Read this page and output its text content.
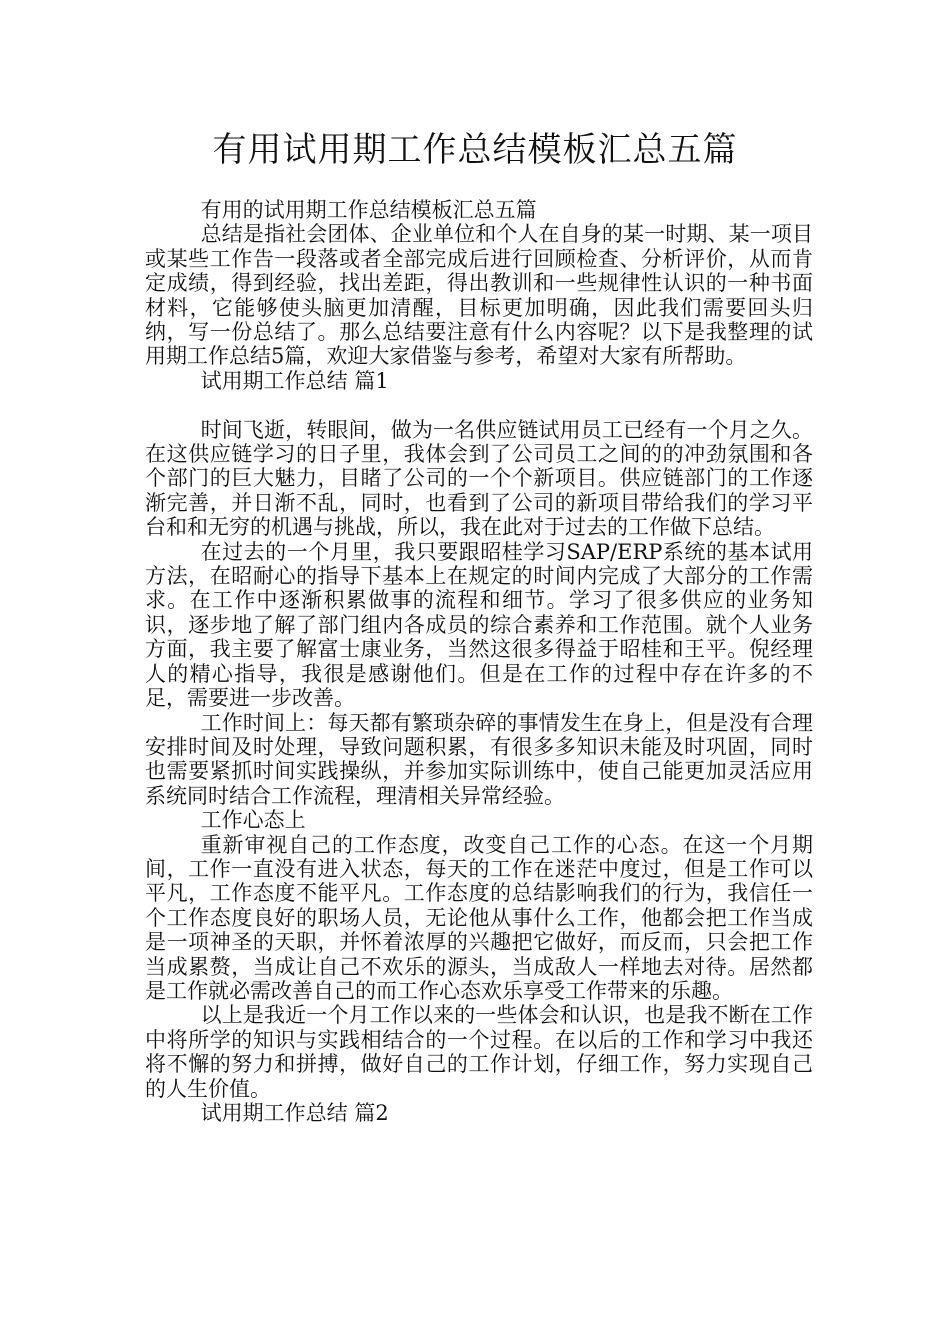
有用试用期工作总结模板汇总五篇

有用的试用期工作总结模板汇总五篇

总结是指社会团体、企业单位和个人在自身的某一时期、某一项目或某些工作告一段落或者全部完成后进行回顾检查、分析评价，从而肯定成绩，得到经验，找出差距，得出教训和一些规律性认识的一种书面材料，它能够使头脑更加清醒，目标更加明确，因此我们需要回头归纳，写一份总结了。那么总结要注意有什么内容呢？以下是我整理的试用期工作总结5篇，欢迎大家借鉴与参考，希望对大家有所帮助。

试用期工作总结 篇1

时间飞逝，转眼间，做为一名供应链试用员工已经有一个月之久。在这供应链学习的日子里，我体会到了公司员工之间的的冲劲氛围和各个部门的巨大魅力，目睹了公司的一个个新项目。供应链部门的工作逐渐完善，并日渐不乱，同时，也看到了公司的新项目带给我们的学习平台和和无穷的机遇与挑战，所以，我在此对于过去的工作做下总结。

在过去的一个月里，我只要跟昭桂学习SAP/ERP系统的基本试用方法，在昭耐心的指导下基本上在规定的时间内完成了大部分的工作需求。在工作中逐渐积累做事的流程和细节。学习了很多供应的业务知识，逐步地了解了部门组内各成员的综合素养和工作范围。就个人业务方面，我主要了解富士康业务，当然这很多得益于昭桂和王平。倪经理人的精心指导，我很是感谢他们。但是在工作的过程中存在许多的不足，需要进一步改善。

工作时间上：每天都有繁琐杂碎的事情发生在身上，但是没有合理安排时间及时处理，导致问题积累，有很多多知识未能及时巩固，同时也需要紧抓时间实践操纵，并参加实际训练中，使自己能更加灵活应用系统同时结合工作流程，理清相关异常经验。

工作心态上

重新审视自己的工作态度，改变自己工作的心态。在这一个月期间，工作一直没有进入状态，每天的工作在迷茫中度过，但是工作可以平凡，工作态度不能平凡。工作态度的总结影响我们的行为，我信任一个工作态度良好的职场人员，无论他从事什么工作，他都会把工作当成是一项神圣的天职，并怀着浓厚的兴趣把它做好，而反而，只会把工作当成累赘，当成让自己不欢乐的源头，当成敌人一样地去对待。居然都是工作就必需改善自己的而工作心态欢乐享受工作带来的乐趣。

以上是我近一个月工作以来的一些体会和认识，也是我不断在工作中将所学的知识与实践相结合的一个过程。在以后的工作和学习中我还将不懈的努力和拼搏，做好自己的工作计划，仔细工作，努力实现自己的人生价值。

试用期工作总结 篇2
